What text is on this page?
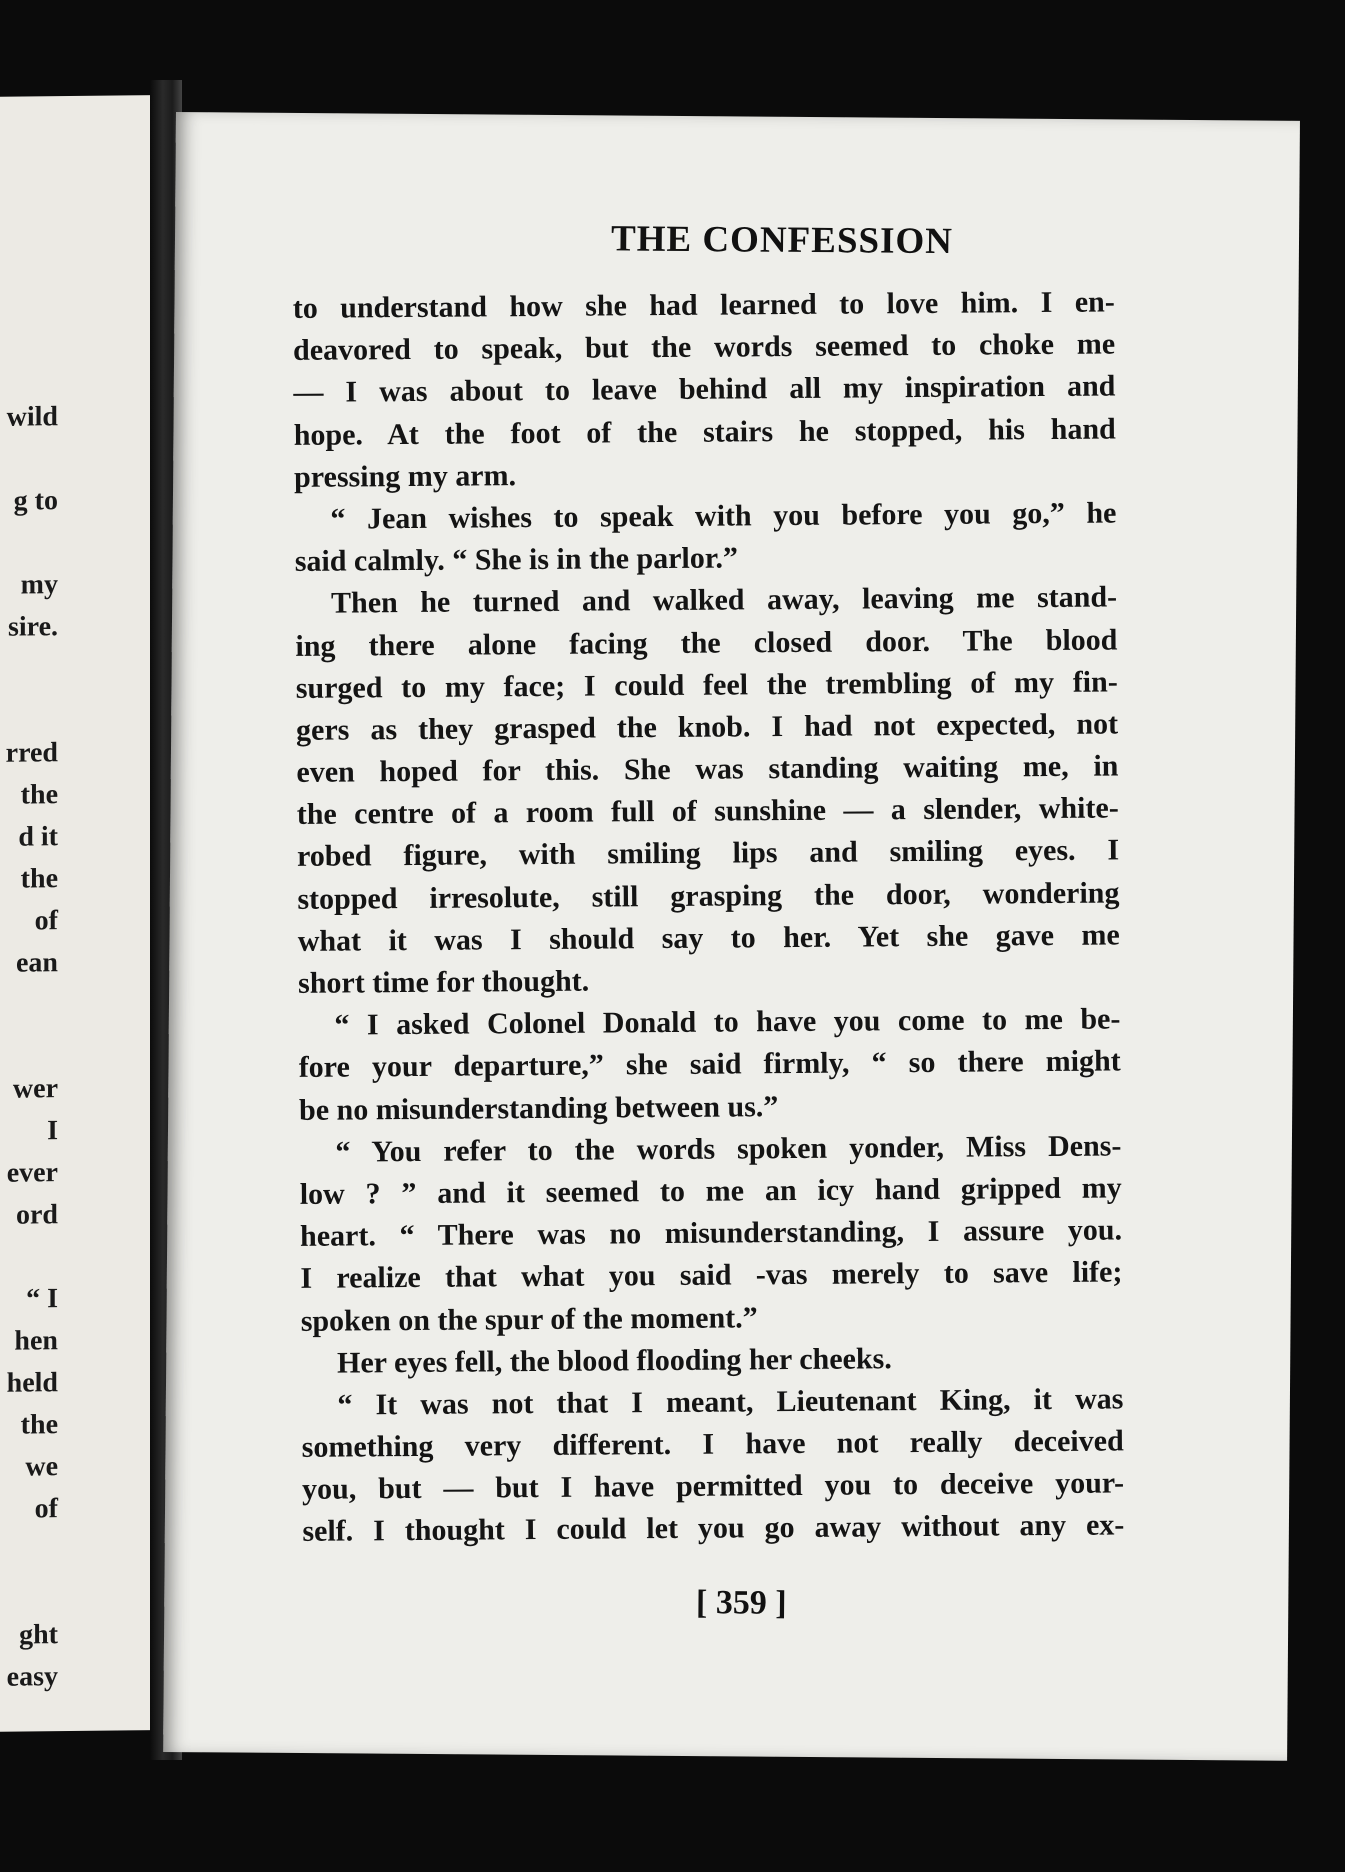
wild
g to
my
sire.
rred
the
d it
the
of
ean
wer
I
ever
ord
“ I
hen
held
the
we
of
ght
easy
THE CONFESSION
to understand how she had learned to love him. I en-
deavored to speak, but the words seemed to choke me
— I was about to leave behind all my inspiration and
hope. At the foot of the stairs he stopped, his hand
pressing my arm.
“ Jean wishes to speak with you before you go,” he
said calmly. “ She is in the parlor.”
Then he turned and walked away, leaving me stand-
ing there alone facing the closed door. The blood
surged to my face; I could feel the trembling of my fin-
gers as they grasped the knob. I had not expected, not
even hoped for this. She was standing waiting me, in
the centre of a room full of sunshine — a slender, white-
robed figure, with smiling lips and smiling eyes. I
stopped irresolute, still grasping the door, wondering
what it was I should say to her. Yet she gave me
short time for thought.
“ I asked Colonel Donald to have you come to me be-
fore your departure,” she said firmly, “ so there might
be no misunderstanding between us.”
“ You refer to the words spoken yonder, Miss Dens-
low ? ” and it seemed to me an icy hand gripped my
heart. “ There was no misunderstanding, I assure you.
I realize that what you said -vas merely to save life;
spoken on the spur of the moment.”
Her eyes fell, the blood flooding her cheeks.
“ It was not that I meant, Lieutenant King, it was
something very different. I have not really deceived
you, but — but I have permitted you to deceive your-
self. I thought I could let you go away without any ex-
[ 359 ]
